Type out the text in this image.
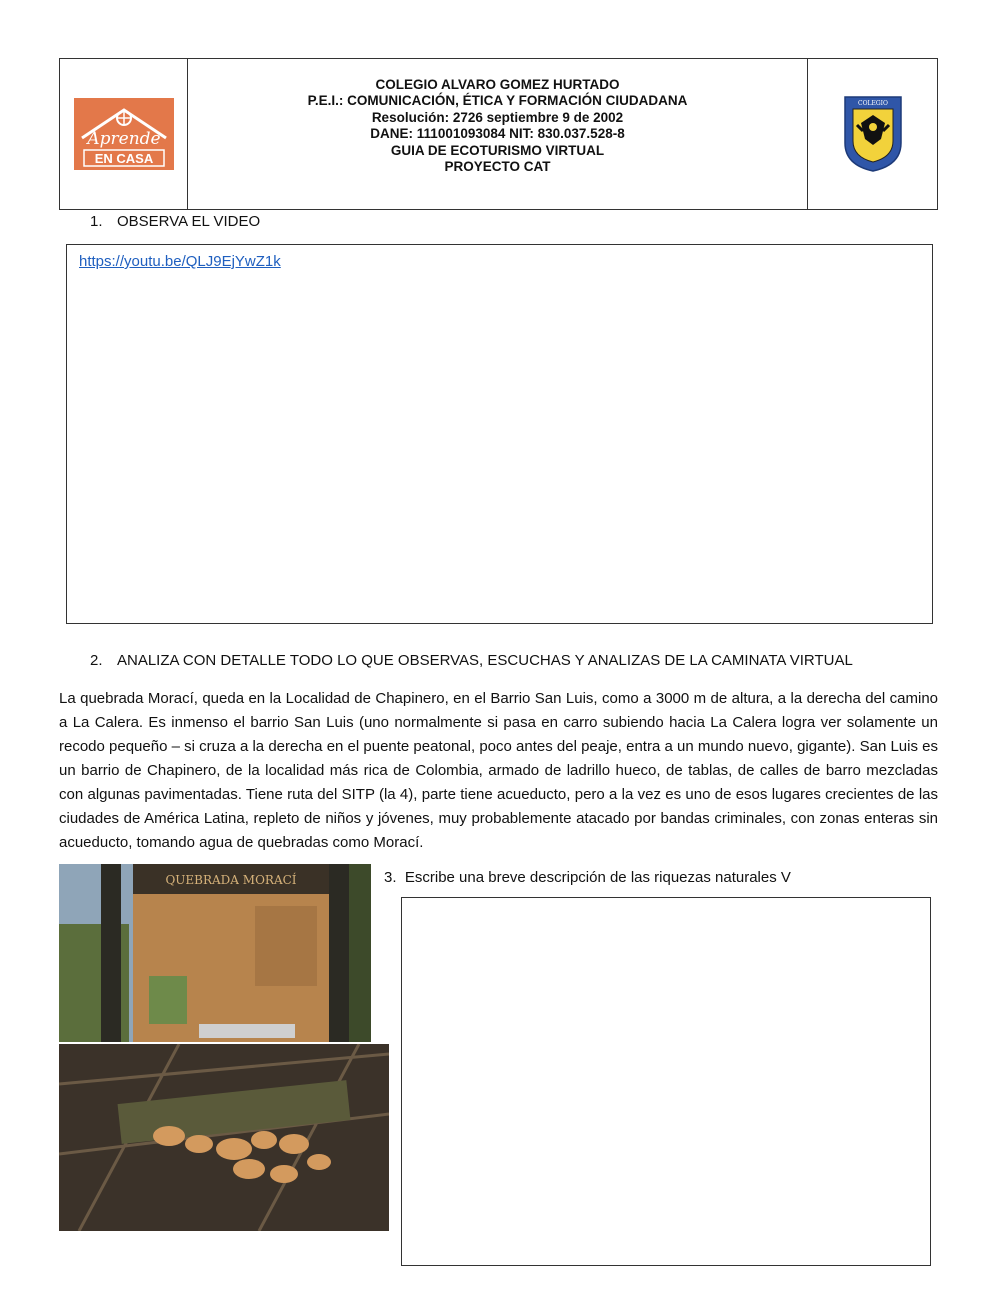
Aprende
EN CASA
COLEGIO ALVARO GOMEZ HURTADO
P.E.I.: COMUNICACIÓN, ÉTICA Y FORMACIÓN CIUDADANA
Resolución: 2726 septiembre 9 de 2002
DANE: 111001093084 NIT: 830.037.528-8
GUIA DE ECOTURISMO VIRTUAL
PROYECTO CAT
COLEGIO
1. OBSERVA EL VIDEO
https://youtu.be/QLJ9EjYwZ1k
2. ANALIZA CON DETALLE TODO LO QUE OBSERVAS, ESCUCHAS Y ANALIZAS DE LA CAMINATA VIRTUAL
La quebrada Morací, queda en la Localidad de Chapinero, en el Barrio San Luis, como a 3000 m de altura, a la derecha del camino a La Calera. Es inmenso el barrio San Luis (uno normalmente si pasa en carro subiendo hacia La Calera logra ver solamente un recodo pequeño – si cruza a la derecha en el puente peatonal, poco antes del peaje, entra a un mundo nuevo, gigante). San Luis es un barrio de Chapinero, de la localidad más rica de Colombia, armado de ladrillo hueco, de tablas, de calles de barro mezcladas con algunas pavimentadas. Tiene ruta del SITP (la 4), parte tiene acueducto, pero a la vez es uno de esos lugares crecientes de las ciudades de América Latina, repleto de niños y jóvenes, muy probablemente atacado por bandas criminales, con zonas enteras sin acueducto, tomando agua de quebradas como Morací.
QUEBRADA MORACÍ	3. Escribe una breve descripción de las riquezas naturales V
